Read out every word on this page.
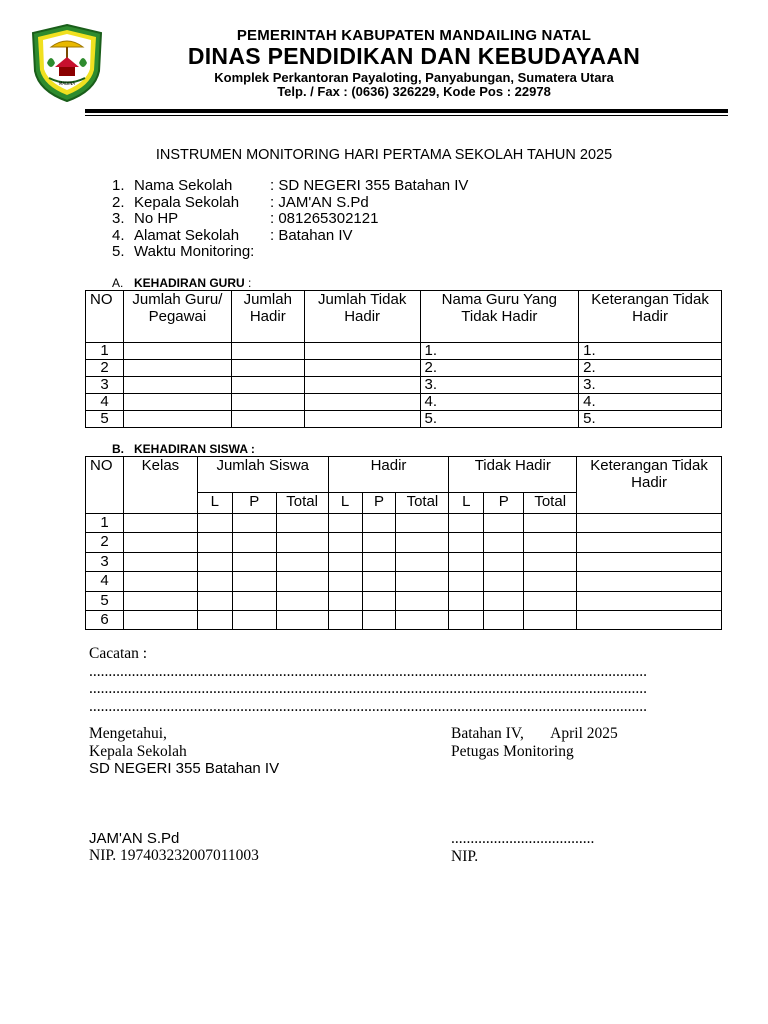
MADINA
PEMERINTAH KABUPATEN MANDAILING NATAL
DINAS PENDIDIKAN DAN KEBUDAYAAN
Komplek Perkantoran Payaloting, Panyabungan, Sumatera Utara
Telp. / Fax : (0636) 326229, Kode Pos : 22978
INSTRUMEN MONITORING HARI PERTAMA SEKOLAH TAHUN 2025
1. Nama Sekolah	: SD NEGERI 355 Batahan IV
2. Kepala Sekolah	: JAM'AN S.Pd
3. No HP	: 081265302121
4. Alamat Sekolah	: Batahan IV
5. Waktu Monitoring:
A. KEHADIRAN GURU :
NO	Jumlah Guru/ Pegawai	Jumlah Hadir	Jumlah Tidak Hadir	Nama Guru Yang Tidak Hadir	Keterangan Tidak Hadir
1				1.	1.
2				2.	2.
3				3.	3.
4				4.	4.
5				5.	5.
B. KEHADIRAN SISWA :
NO	Kelas	Jumlah Siswa			Hadir			Tidak Hadir			Keterangan Tidak Hadir
		L	P	Total	L	P	Total	L	P	Total	
1											
2											
3											
4											
5											
6											
Cacatan :
................................................................................................................................................
................................................................................................................................................
................................................................................................................................................
Mengetahui,
Kepala Sekolah
SD NEGERI 355 Batahan IV
JAM'AN S.Pd
NIP. 197403232007011003
Batahan IV,       April 2025
Petugas Monitoring
.....................................
NIP.
